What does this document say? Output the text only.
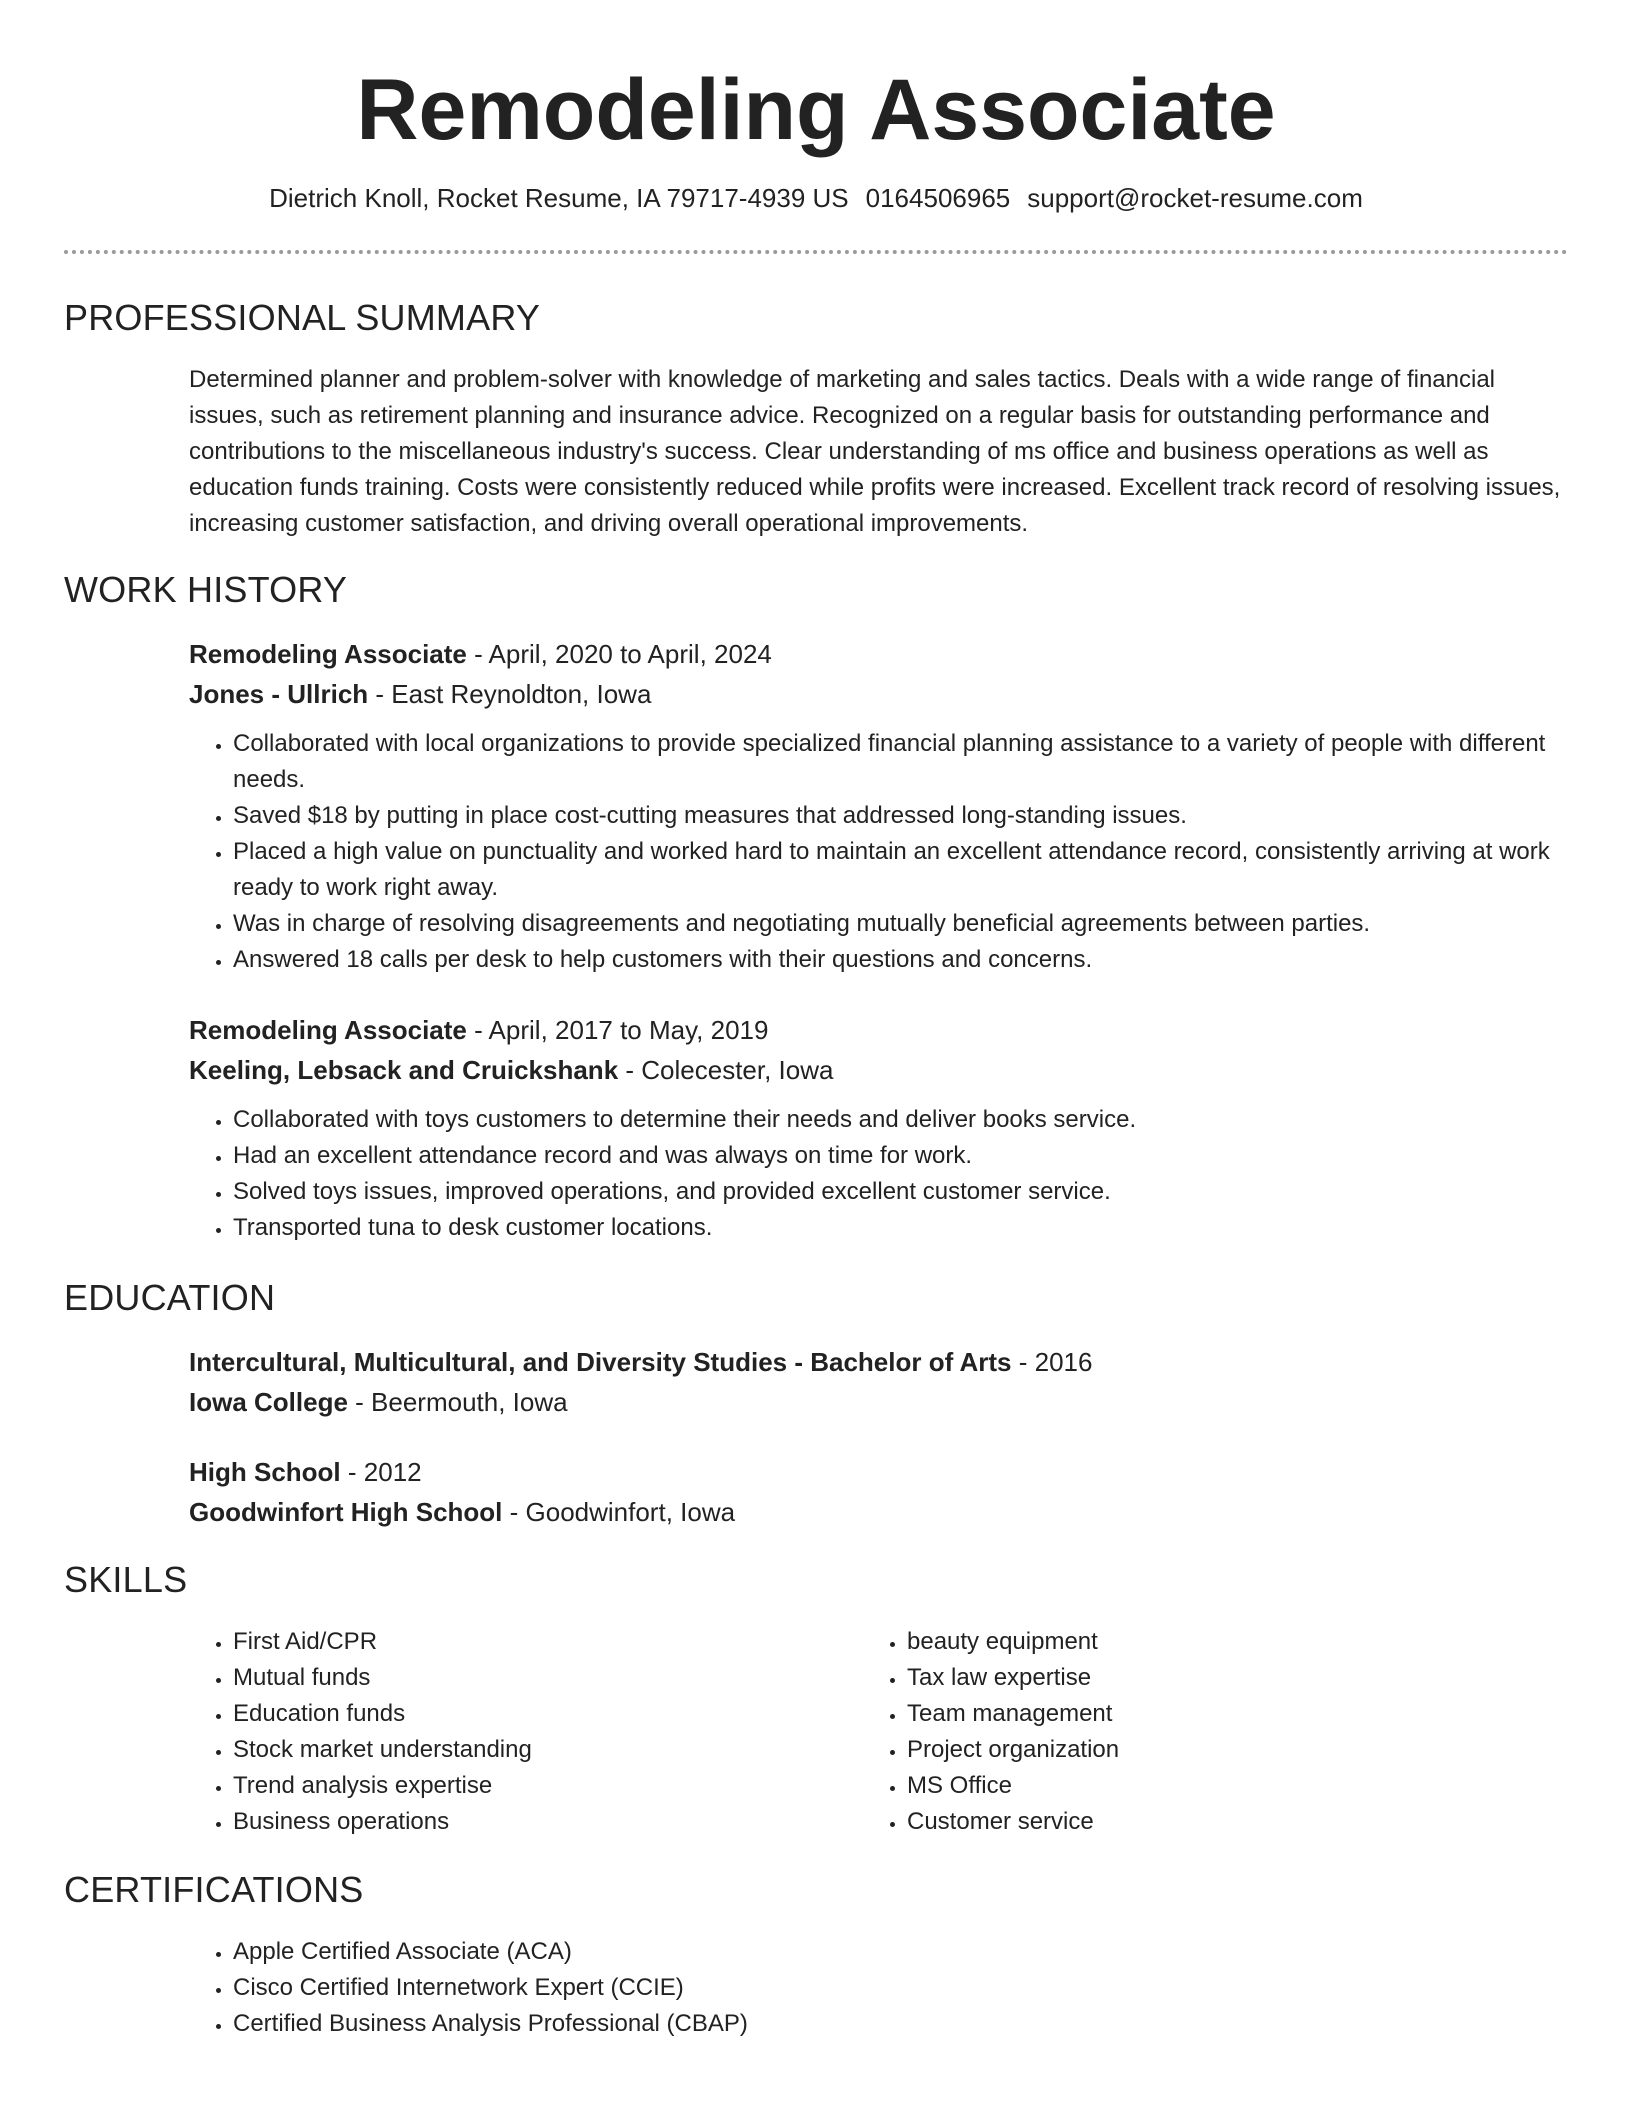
Remodeling Associate
Dietrich Knoll, Rocket Resume, IA 79717-4939 US 0164506965 support@rocket-resume.com
PROFESSIONAL SUMMARY

Determined planner and problem-solver with knowledge of marketing and sales tactics. Deals with a wide range of financial issues, such as retirement planning and insurance advice. Recognized on a regular basis for outstanding performance and contributions to the miscellaneous industry's success. Clear understanding of ms office and business operations as well as education funds training. Costs were consistently reduced while profits were increased. Excellent track record of resolving issues, increasing customer satisfaction, and driving overall operational improvements.

WORK HISTORY

Remodeling Associate - April, 2020 to April, 2024

Jones - Ullrich - East Reynoldton, Iowa

• Collaborated with local organizations to provide specialized financial planning assistance to a variety of people with different needs.
• Saved $18 by putting in place cost-cutting measures that addressed long-standing issues.
• Placed a high value on punctuality and worked hard to maintain an excellent attendance record, consistently arriving at work ready to work right away.
• Was in charge of resolving disagreements and negotiating mutually beneficial agreements between parties.
• Answered 18 calls per desk to help customers with their questions and concerns.

Remodeling Associate - April, 2017 to May, 2019

Keeling, Lebsack and Cruickshank - Colecester, Iowa

• Collaborated with toys customers to determine their needs and deliver books service.
• Had an excellent attendance record and was always on time for work.
• Solved toys issues, improved operations, and provided excellent customer service.
• Transported tuna to desk customer locations.
EDUCATION

Intercultural, Multicultural, and Diversity Studies - Bachelor of Arts - 2016

Iowa College - Beermouth, Iowa

High School - 2012

Goodwinfort High School - Goodwinfort, Iowa

SKILLS
• First Aid/CPR
• Mutual funds
• Education funds
• Stock market understanding
• Trend analysis expertise
• Business operations
• beauty equipment
• Tax law expertise
• Team management
• Project organization
• MS Office
• Customer service
CERTIFICATIONS
• Apple Certified Associate (ACA)
• Cisco Certified Internetwork Expert (CCIE)
• Certified Business Analysis Professional (CBAP)
